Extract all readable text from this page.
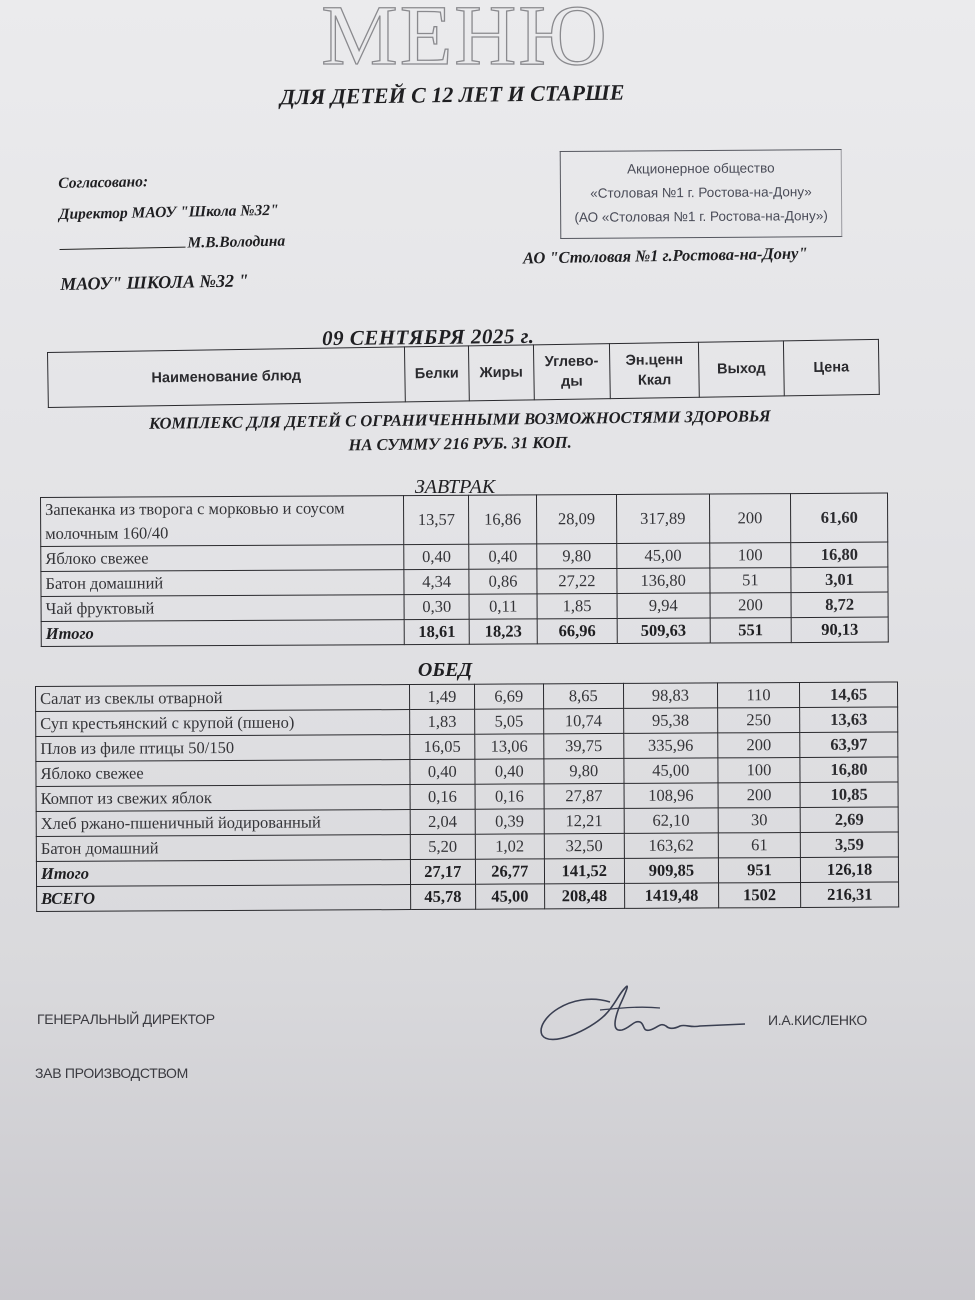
МЕНЮ
ДЛЯ ДЕТЕЙ С 12 ЛЕТ И СТАРШЕ
Согласовано:
Директор МАОУ "Школа №32"
М.В.Володина
МАОУ" ШКОЛА №32 "
Акционерное общество
«Столовая №1 г. Ростова-на-Дону»
(АО «Столовая №1 г. Ростова-на-Дону»)
АО "Столовая №1 г.Ростова-на-Дону"
09 СЕНТЯБРЯ 2025 г.
Наименование блюд	Белки	Жиры	Углево-
ды	Эн.ценн
Ккал	Выход	Цена
КОМПЛЕКС ДЛЯ ДЕТЕЙ С ОГРАНИЧЕННЫМИ ВОЗМОЖНОСТЯМИ ЗДОРОВЬЯ
НА СУММУ 216 РУБ. 31 КОП.
ЗАВТРАК
Запеканка из творога с морковью и соусом молочным 160/40	13,57	16,86	28,09	317,89	200	61,60
Яблоко свежее	0,40	0,40	9,80	45,00	100	16,80
Батон домашний	4,34	0,86	27,22	136,80	51	3,01
Чай фруктовый	0,30	0,11	1,85	9,94	200	8,72
Итого	18,61	18,23	66,96	509,63	551	90,13
ОБЕД
Салат из свеклы отварной	1,49	6,69	8,65	98,83	110	14,65
Суп крестьянский с крупой (пшено)	1,83	5,05	10,74	95,38	250	13,63
Плов из филе птицы 50/150	16,05	13,06	39,75	335,96	200	63,97
Яблоко свежее	0,40	0,40	9,80	45,00	100	16,80
Компот из свежих яблок	0,16	0,16	27,87	108,96	200	10,85
Хлеб ржано-пшеничный йодированный	2,04	0,39	12,21	62,10	30	2,69
Батон домашний	5,20	1,02	32,50	163,62	61	3,59
Итого	27,17	26,77	141,52	909,85	951	126,18
ВСЕГО	45,78	45,00	208,48	1419,48	1502	216,31
ГЕНЕРАЛЬНЫЙ ДИРЕКТОР	И.А.КИСЛЕНКО
ЗАВ ПРОИЗВОДСТВОМ
